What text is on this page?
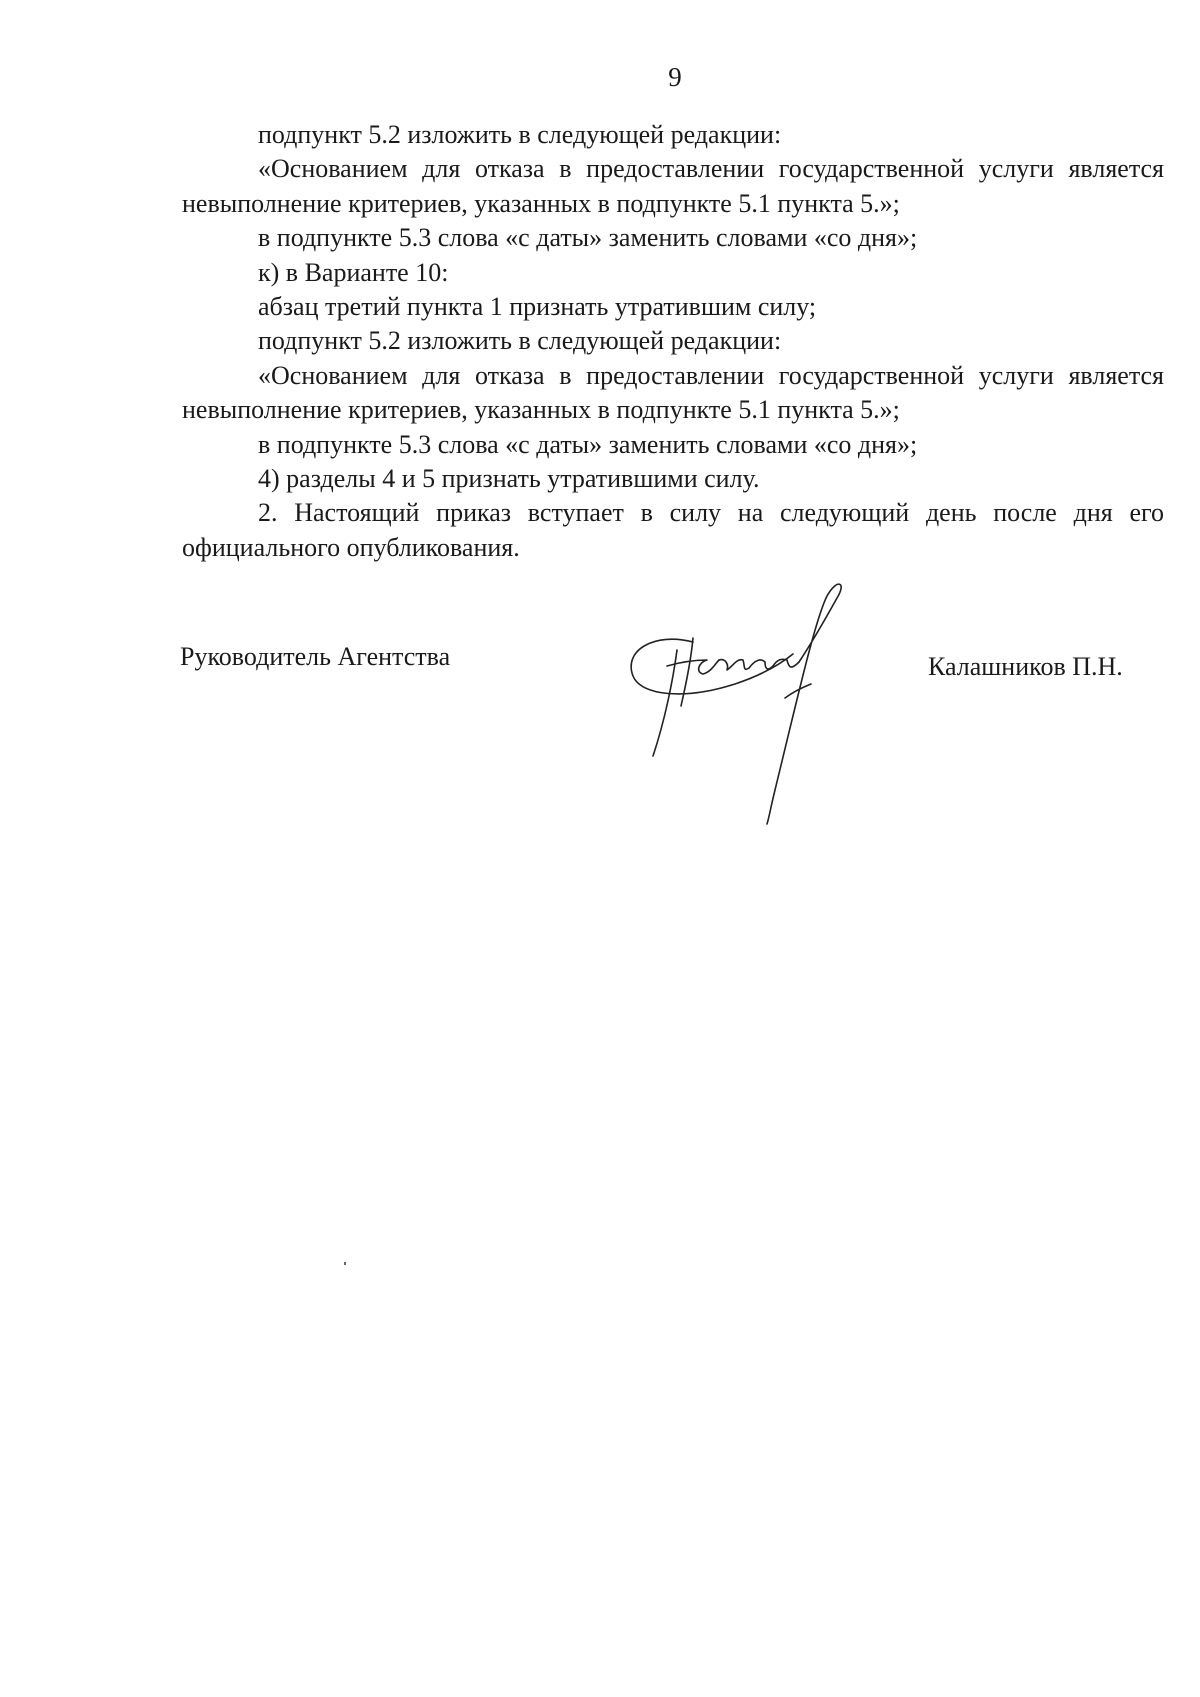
9

подпункт 5.2 изложить в следующей редакции:

«Основанием для отказа в предоставлении государственной услуги является невыполнение критериев, указанных в подпункте 5.1 пункта 5.»;

в подпункте 5.3 слова «с даты» заменить словами «со дня»;

к) в Варианте 10:

абзац третий пункта 1 признать утратившим силу;

подпункт 5.2 изложить в следующей редакции:

«Основанием для отказа в предоставлении государственной услуги является невыполнение критериев, указанных в подпункте 5.1 пункта 5.»;

в подпункте 5.3 слова «с даты» заменить словами «со дня»;

4) разделы 4 и 5 признать утратившими силу.

2. Настоящий приказ вступает в силу на следующий день после дня его официального опубликования.

Руководитель Агентства	Калашников П.Н.
